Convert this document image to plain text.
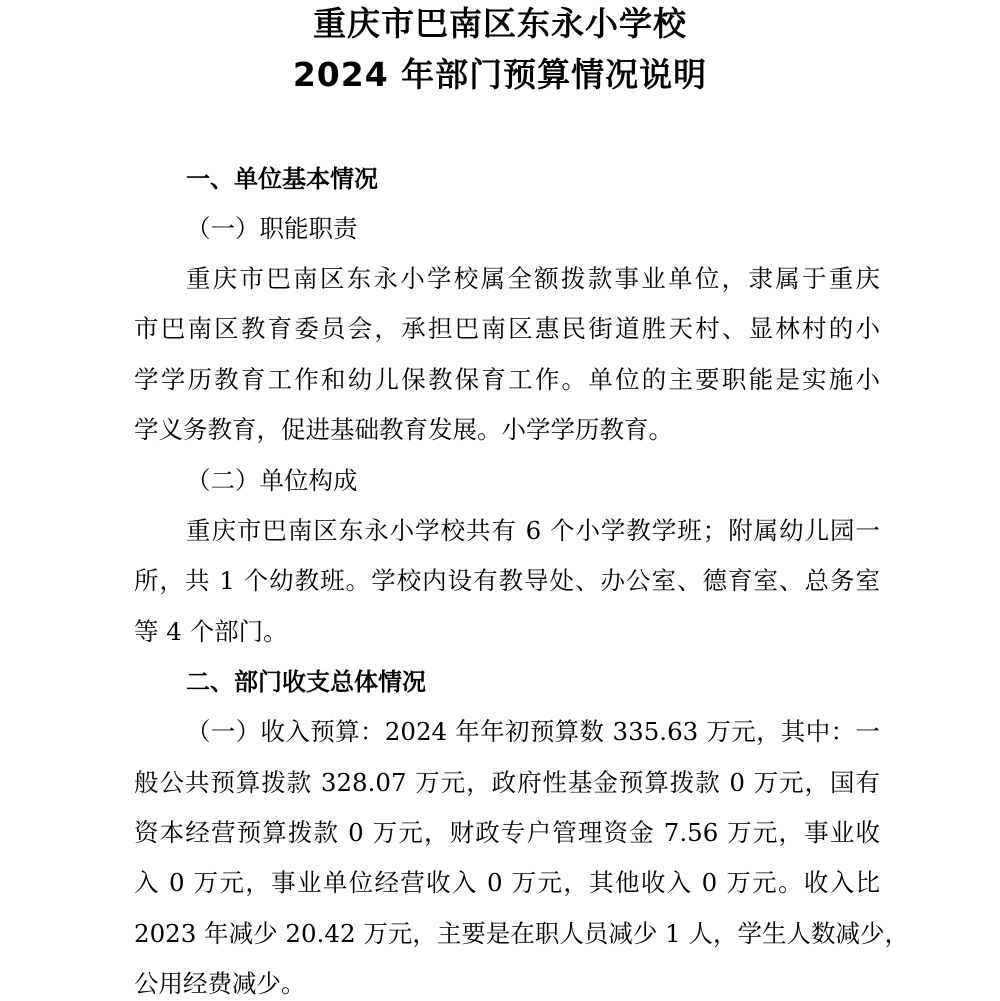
重庆市巴南区东永小学校
2024 年部门预算情况说明
一、单位基本情况
（一）职能职责
重庆市巴南区东永小学校属全额拨款事业单位，隶属于重庆
市巴南区教育委员会，承担巴南区惠民街道胜天村、显林村的小
学学历教育工作和幼儿保教保育工作。单位的主要职能是实施小
学义务教育，促进基础教育发展。小学学历教育。
（二）单位构成
重庆市巴南区东永小学校共有 6 个小学教学班；附属幼儿园一
所，共 1 个幼教班。学校内设有教导处、办公室、德育室、总务室
等 4 个部门。
二、部门收支总体情况
（一）收入预算：2024 年年初预算数 335.63 万元，其中：一
般公共预算拨款 328.07 万元，政府性基金预算拨款 0 万元，国有
资本经营预算拨款 0 万元，财政专户管理资金 7.56 万元，事业收
入 0 万元，事业单位经营收入 0 万元，其他收入 0 万元。收入比
2023 年减少 20.42 万元，主要是在职人员减少 1 人，学生人数减少，
公用经费减少。
